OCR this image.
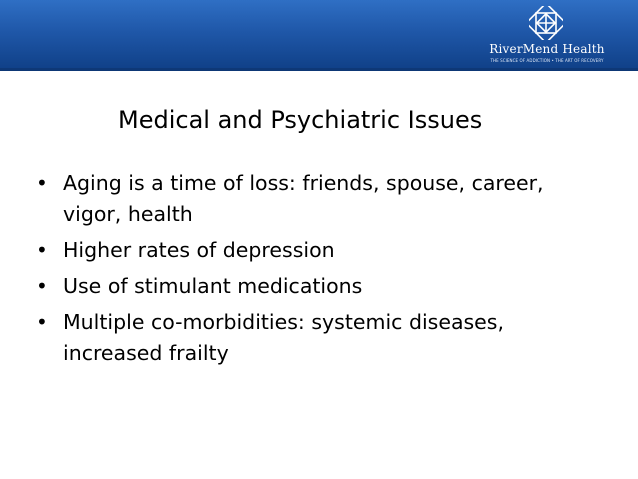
RiverMend Health
THE SCIENCE OF ADDICTION • THE ART OF RECOVERY
Medical and Psychiatric Issues
• Aging is a time of loss: friends, spouse, career, vigor, health
• Higher rates of depression
• Use of stimulant medications
• Multiple co-morbidities: systemic diseases, increased frailty
